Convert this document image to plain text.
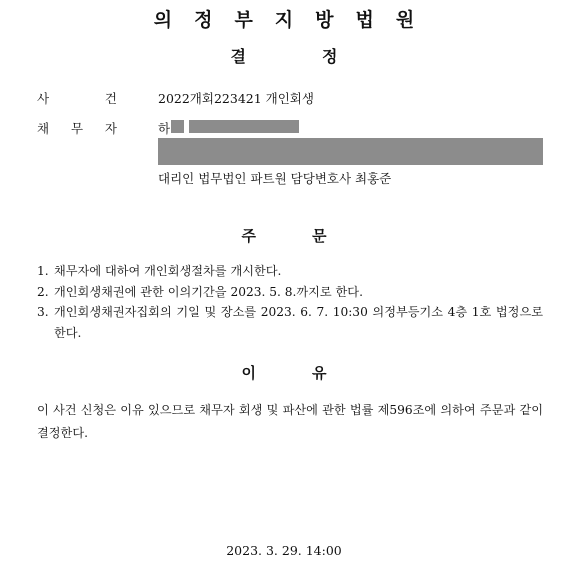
의정부지방법원
결정
사	건	2022개회223421 개인회생
채 무 자	하
대리인 법무법인 파트원 담당변호사 최홍준
주문
1. 채무자에 대하여 개인회생절차를 개시한다.
2. 개인회생채권에 관한 이의기간을 2023. 5. 8.까지로 한다.
3. 개인회생채권자집회의 기일 및 장소를 2023. 6. 7. 10:30 의정부등기소 4층 1호 법정으로 한다.
이유
이 사건 신청은 이유 있으므로 채무자 회생 및 파산에 관한 법률 제596조에 의하여 주문과 같이 결정한다.
2023. 3. 29. 14:00
